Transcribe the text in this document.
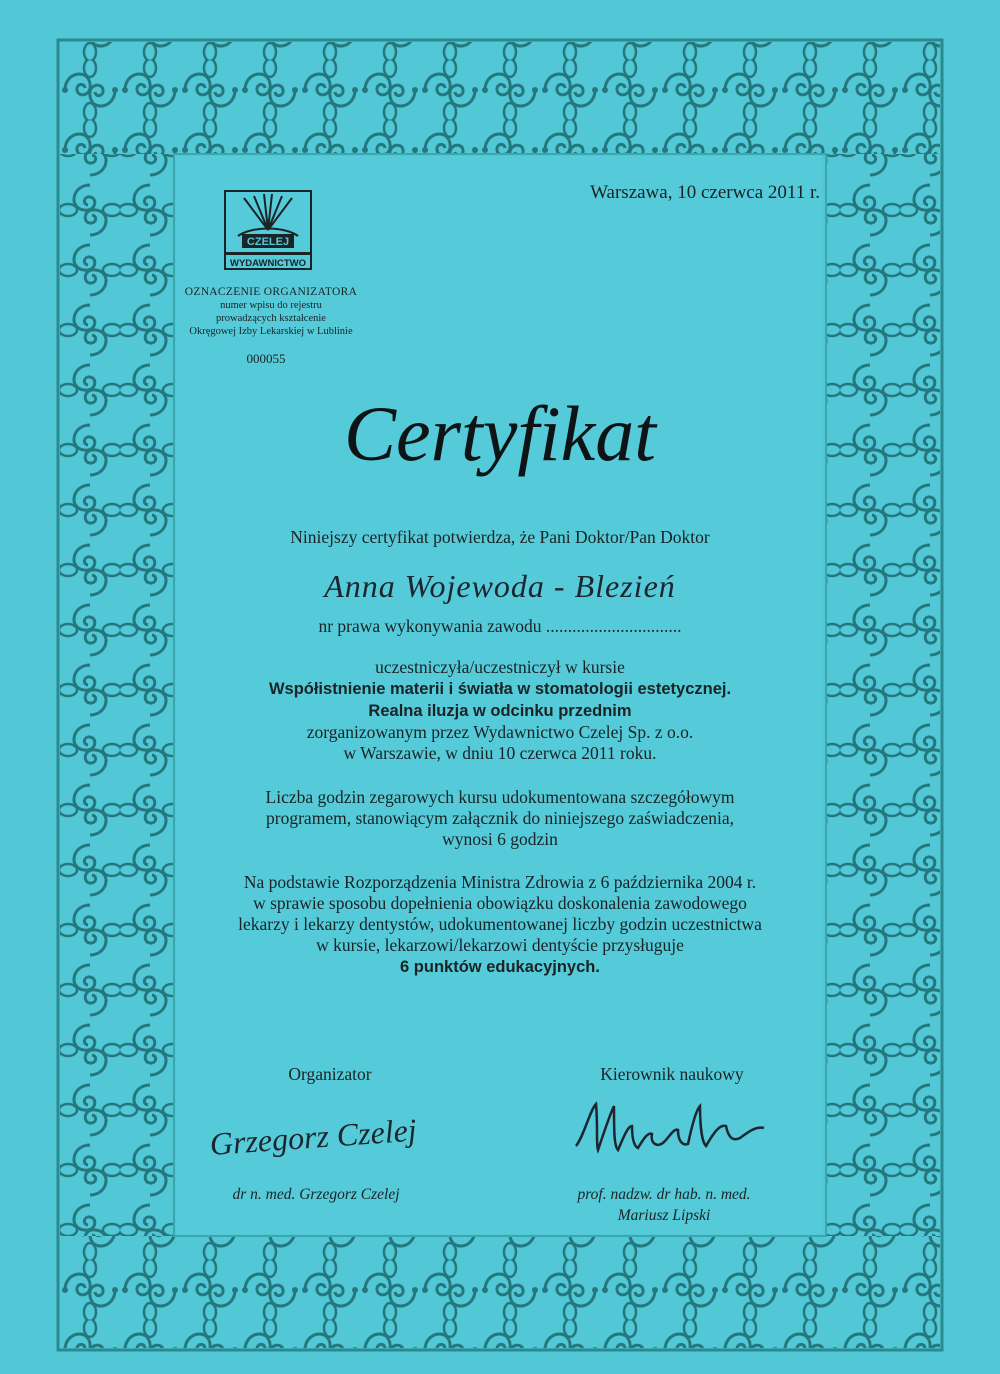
CZELEJ
WYDAWNICTWO
OZNACZENIE ORGANIZATORA
numer wpisu do rejestru
prowadzących kształcenie
Okręgowej Izby Lekarskiej w Lublinie
000055
Warszawa, 10 czerwca 2011 r.
Certyfikat
Niniejszy certyfikat potwierdza, że Pani Doktor/Pan Doktor
Anna Wojewoda - Blezień
nr prawa wykonywania zawodu ...............................
uczestniczyła/uczestniczył w kursie
Współistnienie materii i światła w stomatologii estetycznej.
Realna iluzja w odcinku przednim
zorganizowanym przez Wydawnictwo Czelej Sp. z o.o.
w Warszawie, w dniu 10 czerwca 2011 roku.
Liczba godzin zegarowych kursu udokumentowana szczegółowym
programem, stanowiącym załącznik do niniejszego zaświadczenia,
wynosi 6 godzin
Na podstawie Rozporządzenia Ministra Zdrowia z 6 października 2004 r.
w sprawie sposobu dopełnienia obowiązku doskonalenia zawodowego
lekarzy i lekarzy dentystów, udokumentowanej liczby godzin uczestnictwa
w kursie, lekarzowi/lekarzowi dentyście przysługuje
6 punktów edukacyjnych.
Organizator	Kierownik naukowy
Grzegorz Czelej
dr n. med. Grzegorz Czelej	prof. nadzw. dr hab. n. med.
Mariusz Lipski
